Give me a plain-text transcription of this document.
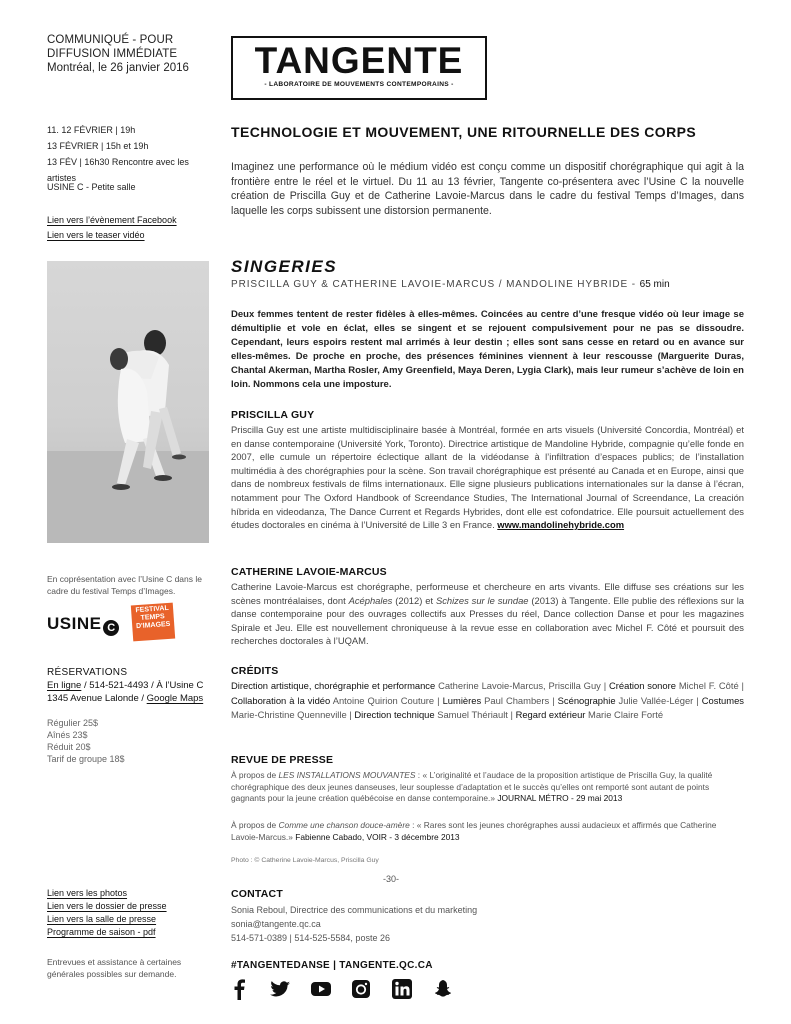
COMMUNIQUÉ - POUR
DIFFUSION IMMÉDIATE
Montréal, le 26 janvier 2016
11. 12 FÉVRIER | 19h
13 FÉVRIER | 15h et 19h
13 FÉV | 16h30 Rencontre avec les artistes
USINE C - Petite salle
Lien vers l’évènement Facebook
Lien vers le teaser vidéo
En coprésentation avec l’Usine C dans le cadre du festival Temps d’Images.
USINE C
FESTIVAL TEMPS D'IMAGES
RÉSERVATIONS
En ligne / 514-521-4493 / À l’Usine C
1345 Avenue Lalonde / Google Maps
Régulier 25$
Aînés 23$
Réduit 20$
Tarif de groupe 18$
Lien vers les photos
Lien vers le dossier de presse
Lien vers la salle de presse
Programme de saison - pdf
Entrevues et assistance à certaines générales possibles sur demande.
TANGENTE
- LABORATOIRE DE MOUVEMENTS CONTEMPORAINS -
TECHNOLOGIE ET MOUVEMENT, UNE RITOURNELLE DES CORPS
Imaginez une performance où le médium vidéo est conçu comme un dispositif chorégraphique qui agit à la frontière entre le réel et le virtuel. Du 11 au 13 février, Tangente co-présentera avec l’Usine C la nouvelle création de Priscilla Guy et de Catherine Lavoie-Marcus dans le cadre du festival Temps d’Images, dans laquelle les corps subissent une distorsion permanente.
SINGERIES
PRISCILLA GUY & CATHERINE LAVOIE-MARCUS / MANDOLINE HYBRIDE - 65 min
Deux femmes tentent de rester fidèles à elles-mêmes. Coincées au centre d’une fresque vidéo où leur image se démultiplie et vole en éclat, elles se singent et se rejouent compulsivement pour ne pas se dissoudre. Cependant, leurs espoirs restent mal arrimés à leur destin ; elles sont sans cesse en retard ou en avance sur elles-mêmes. De proche en proche, des présences féminines viennent à leur rescousse (Marguerite Duras, Chantal Akerman, Martha Rosler, Amy Greenfield, Maya Deren, Lygia Clark), mais leur rumeur s’achève de loin en loin. Nommons cela une imposture.
PRISCILLA GUY
Priscilla Guy est une artiste multidisciplinaire basée à Montréal, formée en arts visuels (Université Concordia, Montréal) et en danse contemporaine (Université York, Toronto). Directrice artistique de Mandoline Hybride, compagnie qu’elle fonde en 2007, elle cumule un répertoire éclectique allant de la vidéodanse à l’infiltration d’espaces publics; de l’installation multimédia à des chorégraphies pour la scène. Son travail chorégraphique est présenté au Canada et en Europe, ainsi que dans de nombreux festivals de films internationaux. Elle signe plusieurs publications internationales sur la danse à l’écran, notamment pour The Oxford Handbook of Screendance Studies, The International Journal of Screendance, La creación híbrida en videodanza, The Dance Current et Regards Hybrides, dont elle est cofondatrice. Elle poursuit actuellement des études doctorales en cinéma à l’Université de Lille 3 en France. www.mandolinehybride.com
CATHERINE LAVOIE-MARCUS
Catherine Lavoie-Marcus est chorégraphe, performeuse et chercheure en arts vivants. Elle diffuse ses créations sur les scènes montréalaises, dont Acéphales (2012) et Schizes sur le sundae (2013) à Tangente. Elle publie des réflexions sur la danse contemporaine pour des ouvrages collectifs aux Presses du réel, Dance collection Danse et pour les magazines Spirale et Jeu. Elle est nouvellement chroniqueuse à la revue esse en collaboration avec Michel F. Côté et poursuit des recherches doctorales à l’UQAM.
CRÉDITS
Direction artistique, chorégraphie et performance Catherine Lavoie-Marcus, Priscilla Guy | Création sonore Michel F. Côté | Collaboration à la vidéo Antoine Quirion Couture | Lumières Paul Chambers | Scénographie Julie Vallée-Léger | Costumes Marie-Christine Quenneville | Direction technique Samuel Thériault | Regard extérieur Marie Claire Forté
REVUE DE PRESSE
À propos de LES INSTALLATIONS MOUVANTES : « L’originalité et l’audace de la proposition artistique de Priscilla Guy, la qualité chorégraphique des deux jeunes danseuses, leur souplesse d’adaptation et le succès qu’elles ont remporté sont autant de points gagnants pour la jeune création québécoise en danse contemporaine.» JOURNAL MÉTRO - 29 mai 2013
À propos de Comme une chanson douce-amère : « Rares sont les jeunes chorégraphes aussi audacieux et affirmés que Catherine Lavoie-Marcus.» Fabienne Cabado, VOIR - 3 décembre 2013
Photo : © Catherine Lavoie-Marcus, Priscilla Guy
-30-
CONTACT
Sonia Reboul, Directrice des communications et du marketing
sonia@tangente.qc.ca
514-571-0389 | 514-525-5584, poste 26
#TANGENTEDANSE | TANGENTE.QC.CA
